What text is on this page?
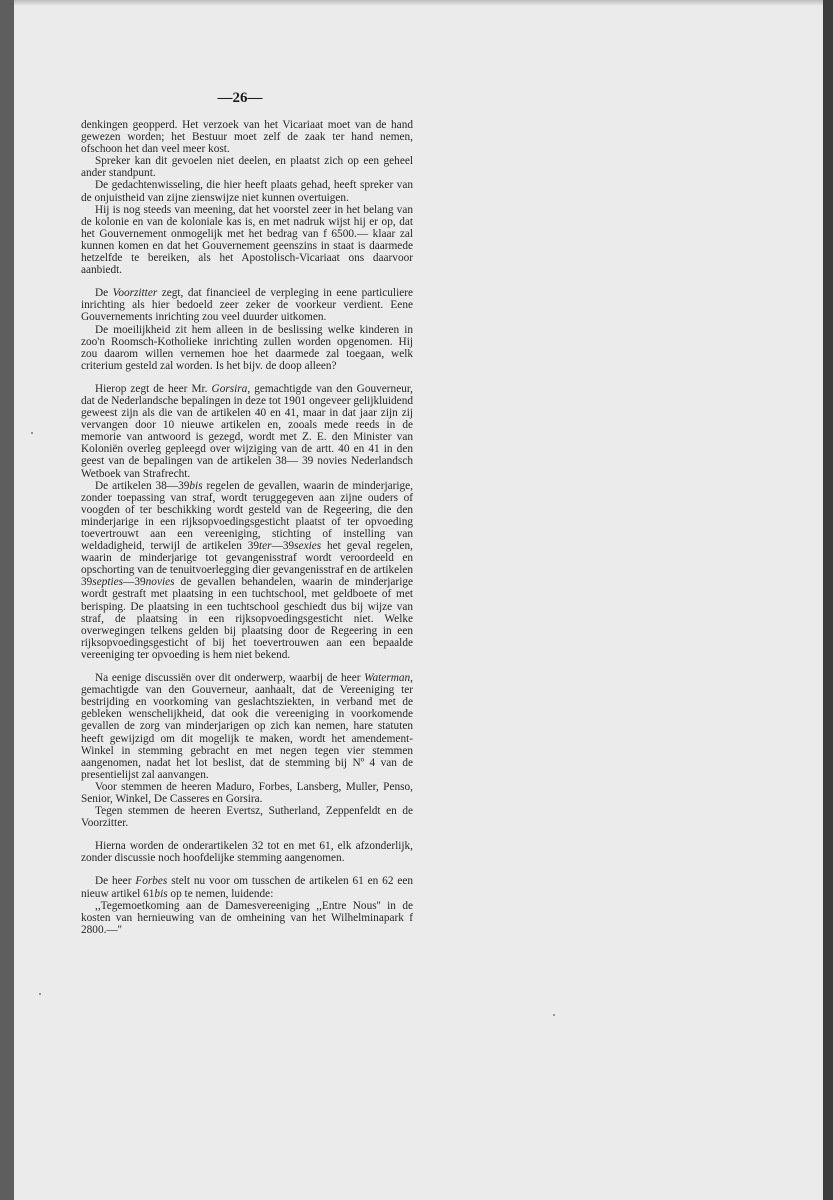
—26—

denkingen geopperd. Het verzoek van het Vicariaat moet van de hand gewezen worden; het Bestuur moet zelf de zaak ter hand nemen, ofschoon het dan veel meer kost.

Spreker kan dit gevoelen niet deelen, en plaatst zich op een geheel ander standpunt.

De gedachtenwisseling, die hier heeft plaats gehad, heeft spreker van de onjuistheid van zijne zienswijze niet kunnen overtuigen.

Hij is nog steeds van meening, dat het voorstel zeer in het belang van de kolonie en van de koloniale kas is, en met nadruk wijst hij er op, dat het Gouvernement onmogelijk met het bedrag van f 6500.— klaar zal kunnen komen en dat het Gouvernement geenszins in staat is daarmede hetzelfde te bereiken, als het Apostolisch-Vicariaat ons daarvoor aanbiedt.

De Voorzitter zegt, dat financieel de verpleging in eene particuliere inrichting als hier bedoeld zeer zeker de voorkeur verdient. Eene Gouvernements inrichting zou veel duurder uitkomen.

De moeilijkheid zit hem alleen in de beslissing welke kinderen in zoo'n Roomsch-Kotholieke inrichting zullen worden opgenomen. Hij zou daarom willen vernemen hoe het daarmede zal toegaan, welk criterium gesteld zal worden. Is het bijv. de doop alleen?

Hierop zegt de heer Mr. Gorsira, gemachtigde van den Gouverneur, dat de Nederlandsche bepalingen in deze tot 1901 ongeveer gelijkluidend geweest zijn als die van de artikelen 40 en 41, maar in dat jaar zijn zij vervangen door 10 nieuwe artikelen en, zooals mede reeds in de memorie van antwoord is gezegd, wordt met Z. E. den Minister van Koloniën overleg gepleegd over wijziging van de artt. 40 en 41 in den geest van de bepalingen van de artikelen 38— 39 novies Nederlandsch Wetboek van Strafrecht.

De artikelen 38—39bis regelen de gevallen, waarin de minderjarige, zonder toepassing van straf, wordt teruggegeven aan zijne ouders of voogden of ter beschikking wordt gesteld van de Regeering, die den minderjarige in een rijksopvoedingsgesticht plaatst of ter opvoeding toevertrouwt aan een vereeniging, stichting of instelling van weldadigheid, terwijl de artikelen 39ter—39sexies het geval regelen, waarin de minderjarige tot gevangenisstraf wordt veroordeeld en opschorting van de tenuitvoerlegging dier gevangenisstraf en de artikelen 39septies—39novies de gevallen behandelen, waarin de minderjarige wordt gestraft met plaatsing in een tuchtschool, met geldboete of met berisping. De plaatsing in een tuchtschool geschiedt dus bij wijze van straf, de plaatsing in een rijksopvoedingsgesticht niet. Welke overwegingen telkens gelden bij plaatsing door de Regeering in een rijksopvoedingsgesticht of bij het toevertrouwen aan een bepaalde vereeniging ter opvoeding is hem niet bekend.

Na eenige discussiën over dit onderwerp, waarbij de heer Waterman, gemachtigde van den Gouverneur, aanhaalt, dat de Vereeniging ter bestrijding en voorkoming van geslachtsziekten, in verband met de gebleken wenschelijkheid, dat ook die vereeniging in voorkomende gevallen de zorg van minderjarigen op zich kan nemen, hare statuten heeft gewijzigd om dit mogelijk te maken, wordt het amendement-Winkel in stemming gebracht en met negen tegen vier stemmen aangenomen, nadat het lot beslist, dat de stemming bij Nº 4 van de presentielijst zal aanvangen.

Voor stemmen de heeren Maduro, Forbes, Lansberg, Muller, Penso, Senior, Winkel, De Casseres en Gorsira.

Tegen stemmen de heeren Evertsz, Sutherland, Zeppenfeldt en de Voorzitter.

Hierna worden de onderartikelen 32 tot en met 61, elk afzonderlijk, zonder discussie noch hoofdelijke stemming aangenomen.

De heer Forbes stelt nu voor om tusschen de artikelen 61 en 62 een nieuw artikel 61bis op te nemen, luidende:

,,Tegemoetkoming aan de Damesvereeniging ,,Entre Nous'' in de kosten van hernieuwing van de omheining van het Wilhelminapark f 2800.—''
